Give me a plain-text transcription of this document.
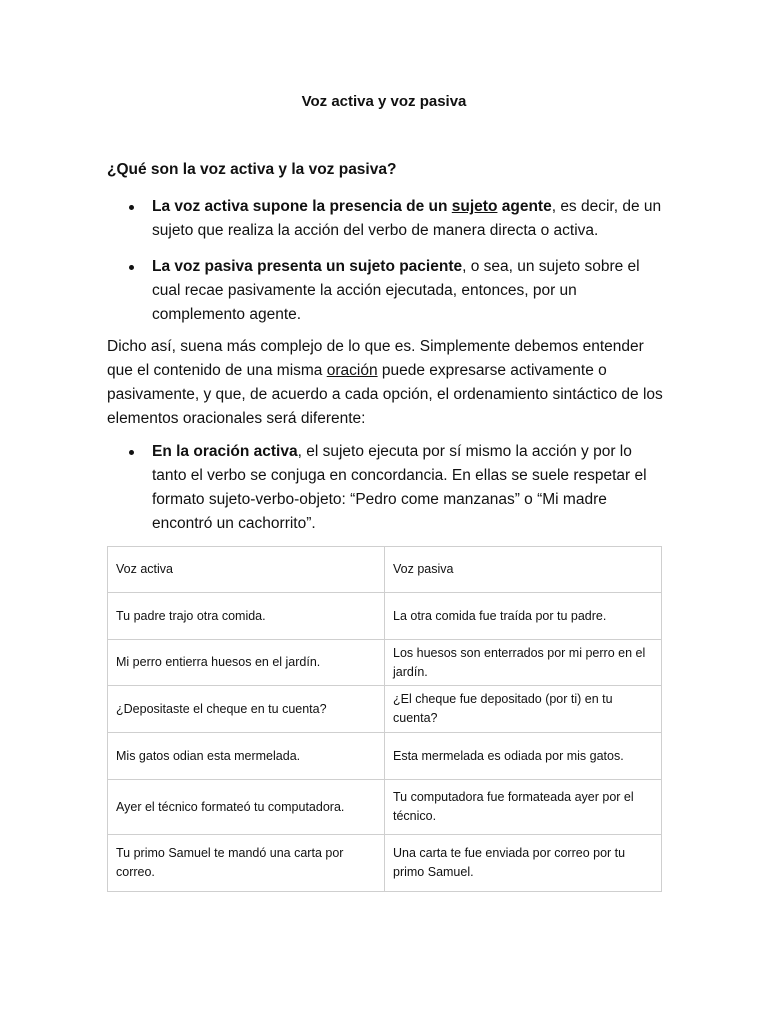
Voz activa y voz pasiva
¿Qué son la voz activa y la voz pasiva?
La voz activa supone la presencia de un sujeto agente, es decir, de un sujeto que realiza la acción del verbo de manera directa o activa.
La voz pasiva presenta un sujeto paciente, o sea, un sujeto sobre el cual recae pasivamente la acción ejecutada, entonces, por un complemento agente.

Dicho así, suena más complejo de lo que es. Simplemente debemos entender que el contenido de una misma oración puede expresarse activamente o pasivamente, y que, de acuerdo a cada opción, el ordenamiento sintáctico de los elementos oracionales será diferente:

En la oración activa, el sujeto ejecuta por sí mismo la acción y por lo tanto el verbo se conjuga en concordancia. En ellas se suele respetar el formato sujeto-verbo-objeto: “Pedro come manzanas” o “Mi madre encontró un cachorrito”.
Voz activa	Voz pasiva
Tu padre trajo otra comida.	La otra comida fue traída por tu padre.
Mi perro entierra huesos en el jardín.	Los huesos son enterrados por mi perro en el jardín.
¿Depositaste el cheque en tu cuenta?	¿El cheque fue depositado (por ti) en tu cuenta?
Mis gatos odian esta mermelada.	Esta mermelada es odiada por mis gatos.
Ayer el técnico formateó tu computadora.	Tu computadora fue formateada ayer por el técnico.
Tu primo Samuel te mandó una carta por correo.	Una carta te fue enviada por correo por tu primo Samuel.
